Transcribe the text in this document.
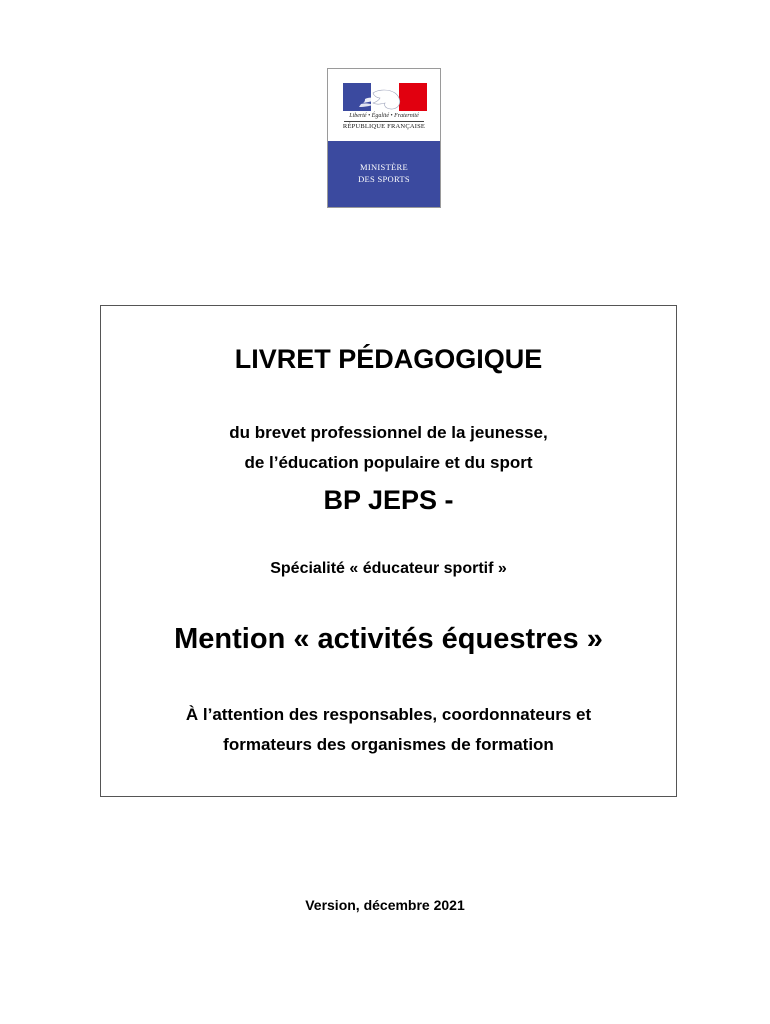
Liberté • Égalité • Fraternité
RÉPUBLIQUE FRANÇAISE
MINISTÈRE
DES SPORTS
LIVRET PÉDAGOGIQUE
du brevet professionnel de la jeunesse,
de l’éducation populaire et du sport
BP JEPS -
Spécialité « éducateur sportif »
Mention « activités équestres »
À l’attention des responsables, coordonnateurs et
formateurs des organismes de formation
Version, décembre 2021
